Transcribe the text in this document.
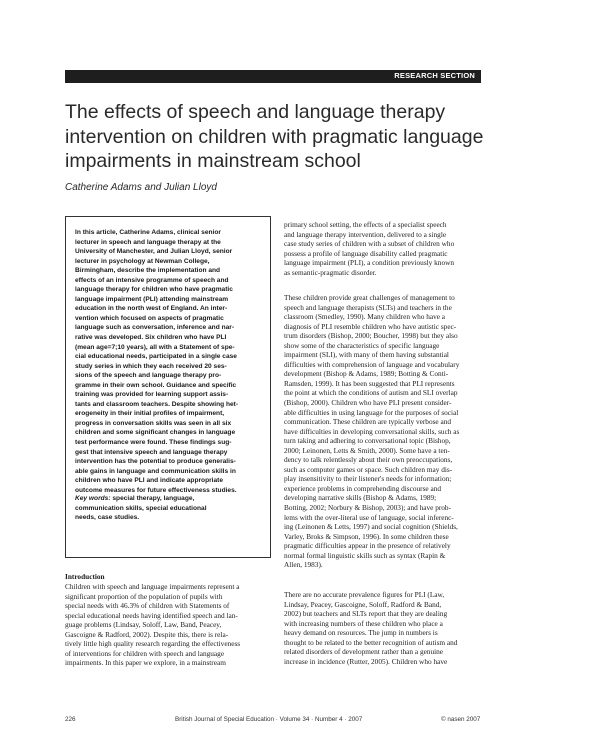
RESEARCH SECTION
The effects of speech and language therapy
intervention on children with pragmatic language
impairments in mainstream school
Catherine Adams and Julian Lloyd
In this article, Catherine Adams, clinical senior
lecturer in speech and language therapy at the
University of Manchester, and Julian Lloyd, senior
lecturer in psychology at Newman College,
Birmingham, describe the implementation and
effects of an intensive programme of speech and
language therapy for children who have pragmatic
language impairment (PLI) attending mainstream
education in the north west of England. An inter-
vention which focused on aspects of pragmatic
language such as conversation, inference and nar-
rative was developed. Six children who have PLI
(mean age=7;10 years), all with a Statement of spe-
cial educational needs, participated in a single case
study series in which they each received 20 ses-
sions of the speech and language therapy pro-
gramme in their own school. Guidance and specific
training was provided for learning support assis-
tants and classroom teachers. Despite showing het-
erogeneity in their initial profiles of impairment,
progress in conversation skills was seen in all six
children and some significant changes in language
test performance were found. These findings sug-
gest that intensive speech and language therapy
intervention has the potential to produce generalis-
able gains in language and communication skills in
children who have PLI and indicate appropriate
outcome measures for future effectiveness studies.
Key words: special therapy, language,
communication skills, special educational
needs, case studies.
Introduction
Children with speech and language impairments represent a
significant proportion of the population of pupils with
special needs with 46.3% of children with Statements of
special educational needs having identified speech and lan-
guage problems (Lindsay, Soloff, Law, Band, Peacey,
Gascoigne & Radford, 2002). Despite this, there is rela-
tively little high quality research regarding the effectiveness
of interventions for children with speech and language
impairments. In this paper we explore, in a mainstream
primary school setting, the effects of a specialist speech
and language therapy intervention, delivered to a single
case study series of children with a subset of children who
possess a profile of language disability called pragmatic
language impairment (PLI), a condition previously known
as semantic-pragmatic disorder.
These children provide great challenges of management to
speech and language therapists (SLTs) and teachers in the
classroom (Smedley, 1990). Many children who have a
diagnosis of PLI resemble children who have autistic spec-
trum disorders (Bishop, 2000; Boucher, 1998) but they also
show some of the characteristics of specific language
impairment (SLI), with many of them having substantial
difficulties with comprehension of language and vocabulary
development (Bishop & Adams, 1989; Botting & Conti-
Ramsden, 1999). It has been suggested that PLI represents
the point at which the conditions of autism and SLI overlap
(Bishop, 2000). Children who have PLI present consider-
able difficulties in using language for the purposes of social
communication. These children are typically verbose and
have difficulties in developing conversational skills, such as
turn taking and adhering to conversational topic (Bishop,
2000; Leinonen, Letts & Smith, 2000). Some have a ten-
dency to talk relentlessly about their own preoccupations,
such as computer games or space. Such children may dis-
play insensitivity to their listener's needs for information;
experience problems in comprehending discourse and
developing narrative skills (Bishop & Adams, 1989;
Botting, 2002; Norbury & Bishop, 2003); and have prob-
lems with the over-literal use of language, social inferenc-
ing (Leinonen & Letts, 1997) and social cognition (Shields,
Varley, Broks & Simpson, 1996). In some children these
pragmatic difficulties appear in the presence of relatively
normal formal linguistic skills such as syntax (Rapin &
Allen, 1983).
There are no accurate prevalence figures for PLI (Law,
Lindsay, Peacey, Gascoigne, Soloff, Radford & Band,
2002) but teachers and SLTs report that they are dealing
with increasing numbers of these children who place a
heavy demand on resources. The jump in numbers is
thought to be related to the better recognition of autism and
related disorders of development rather than a genuine
increase in incidence (Rutter, 2005). Children who have
226	British Journal of Special Education · Volume 34 · Number 4 · 2007	© nasen 2007
